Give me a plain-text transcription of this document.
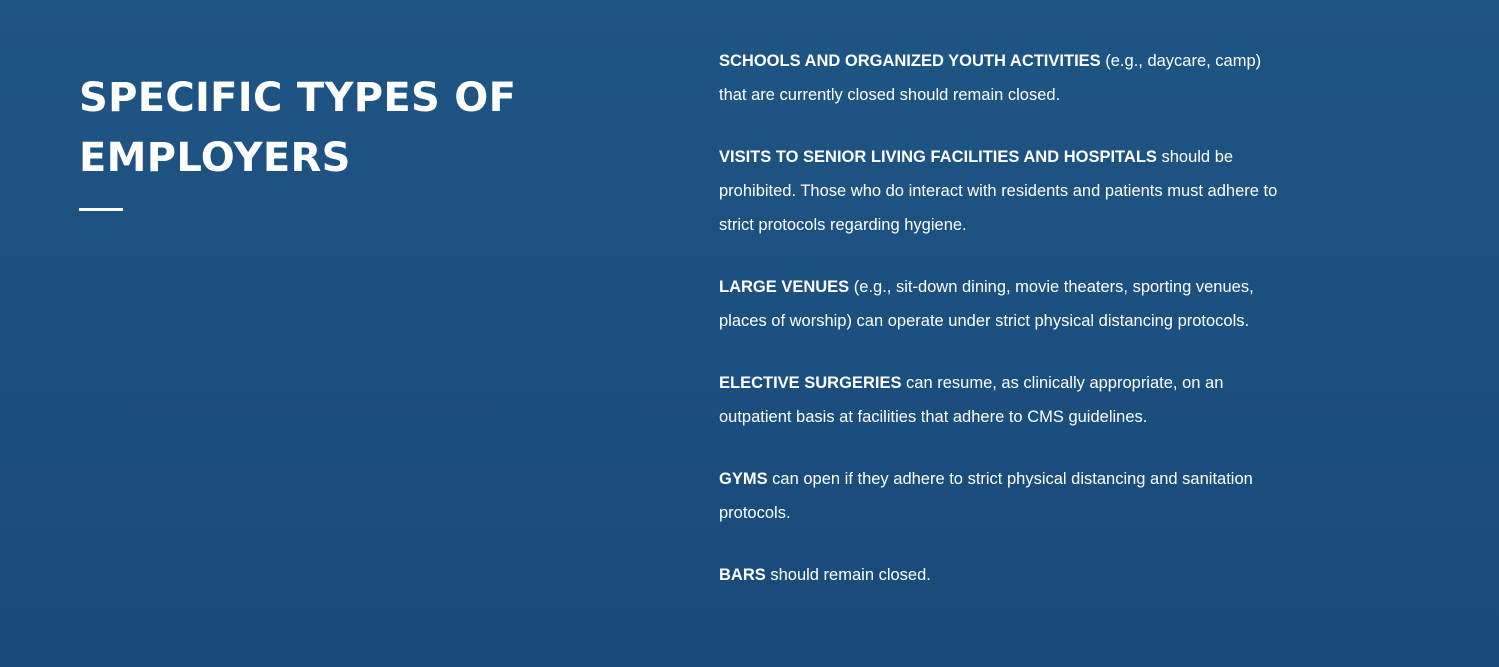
SPECIFIC TYPES OF EMPLOYERS

SCHOOLS AND ORGANIZED YOUTH ACTIVITIES (e.g., daycare, camp) that are currently closed should remain closed.

VISITS TO SENIOR LIVING FACILITIES AND HOSPITALS should be prohibited. Those who do interact with residents and patients must adhere to strict protocols regarding hygiene.

LARGE VENUES (e.g., sit-down dining, movie theaters, sporting venues, places of worship) can operate under strict physical distancing protocols.

ELECTIVE SURGERIES can resume, as clinically appropriate, on an outpatient basis at facilities that adhere to CMS guidelines.

GYMS can open if they adhere to strict physical distancing and sanitation protocols.

BARS should remain closed.
